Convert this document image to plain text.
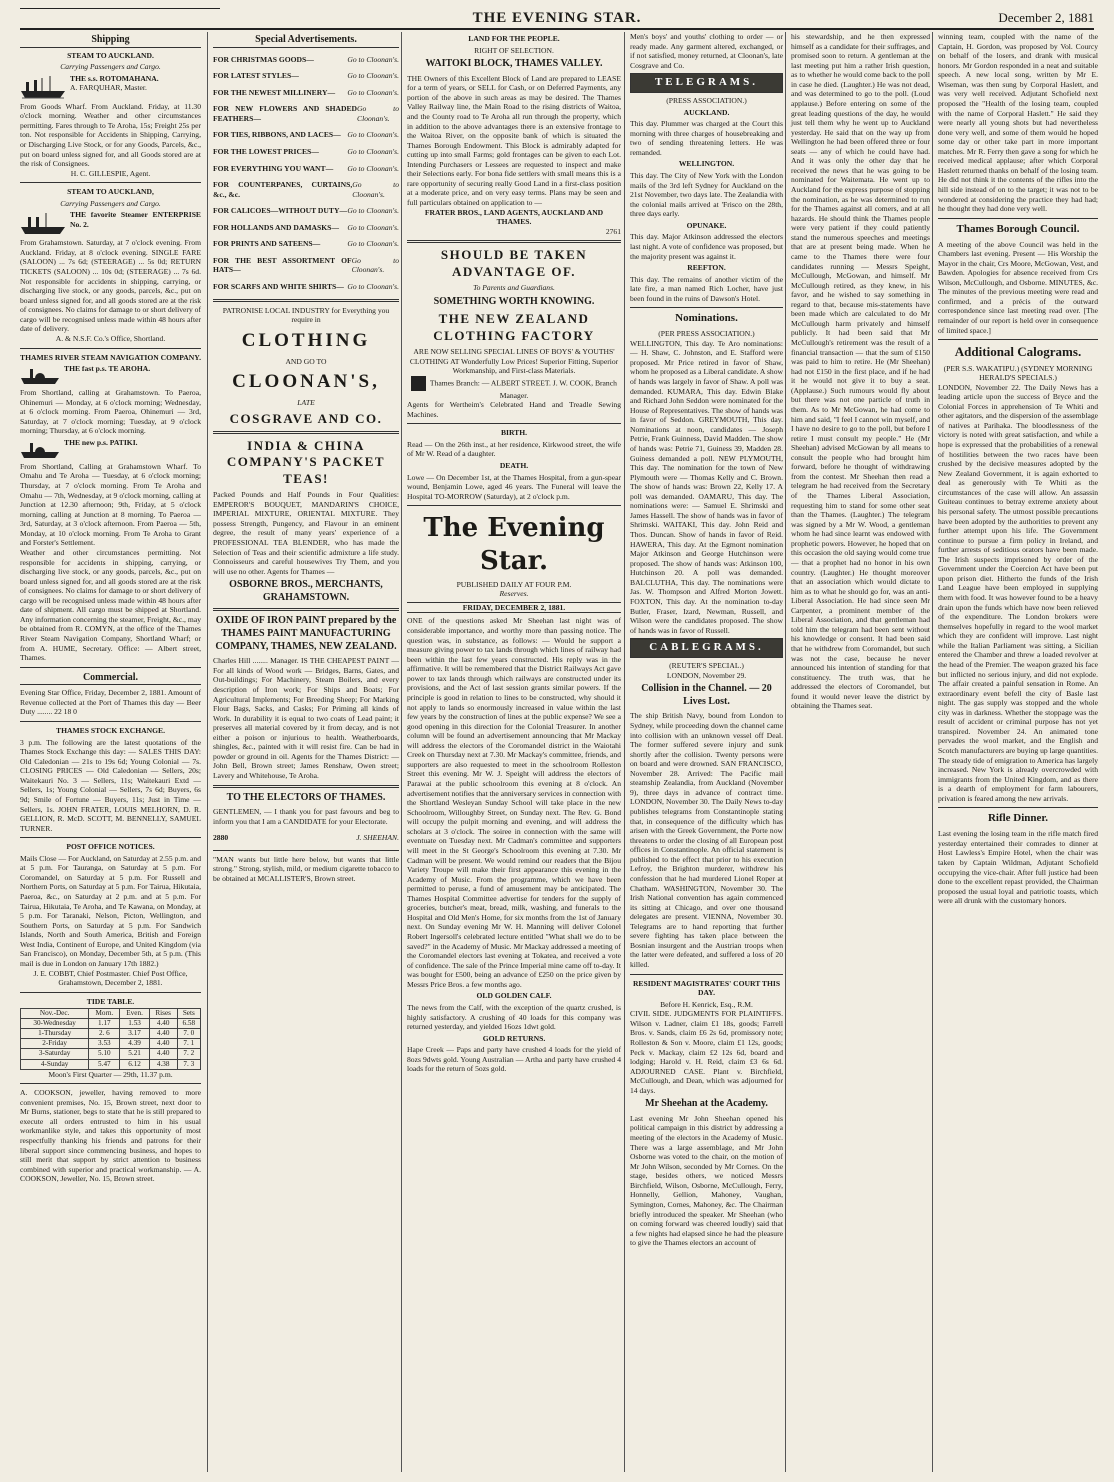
THE EVENING STAR.	December 2, 1881
Shipping
STEAM TO AUCKLAND.
Carrying Passengers and Cargo.
THE s.s. ROTOMAHANA.
A. FARQUHAR, Master.
From Goods Wharf. From Auckland. Friday, at 11.30 o'clock morning. Weather and other circumstances permitting. Fares through to Te Aroha, 15s; Freight 25s per ton. Not responsible for Accidents in Shipping, Carrying, or Discharging Live Stock, or for any Goods, Parcels, &c., put on board unless signed for, and all Goods stored are at the risk of Consignees.
H. C. GILLESPIE, Agent.
STEAM TO AUCKLAND,
Carrying Passengers and Cargo.
THE favorite Steamer ENTERPRISE No. 2.
From Grahamstown. Saturday, at 7 o'clock evening. From Auckland. Friday, at 8 o'clock evening. SINGLE FARE (SALOON) ... 7s 6d; (STEERAGE) ... 5s 0d; RETURN TICKETS (SALOON) ... 10s 0d; (STEERAGE) ... 7s 6d. Not responsible for accidents in shipping, carrying, or discharging live stock, or any goods, parcels, &c., put on board unless signed for, and all goods stored are at the risk of consignees. No claims for damage to or short delivery of cargo will be recognised unless made within 48 hours after date of delivery.
A. & N.S.F. Co.'s Office, Shortland.
THAMES RIVER STEAM NAVIGATION COMPANY.
THE fast p.s. TE AROHA.
From Shortland, calling at Grahamstown. To Paeroa, Ohinemuri — Monday, at 6 o'clock morning; Wednesday, at 6 o'clock morning. From Paeroa, Ohinemuri — 3rd, Saturday, at 7 o'clock morning; Tuesday, at 9 o'clock morning; Thursday, at 6 o'clock morning.
THE new p.s. PATIKI.
From Shortland, Calling at Grahamstown Wharf. To Omahu and Te Aroha — Tuesday, at 6 o'clock morning; Thursday, at 7 o'clock morning. From Te Aroha and Omahu — 7th, Wednesday, at 9 o'clock morning, calling at Junction at 12.30 afternoon; 9th, Friday, at 5 o'clock morning, calling at Junction at 8 morning. To Paeroa — 3rd, Saturday, at 3 o'clock afternoon. From Paeroa — 5th, Monday, at 10 o'clock morning. From Te Aroha to Grant and Forster's Settlement.
Weather and other circumstances permitting. Not responsible for accidents in shipping, carrying, or discharging live stock, or any goods, parcels, &c., put on board unless signed for, and all goods stored are at the risk of consignees. No claims for damage to or short delivery of cargo will be recognised unless made within 48 hours after date of shipment. All cargo must be shipped at Shortland. Any information concerning the steamer, Freight, &c., may be obtained from R. COMYN, at the office of the Thames River Steam Navigation Company, Shortland Wharf; or from A. HUME, Secretary. Office: — Albert street, Thames.
Commercial.
Evening Star Office, Friday, December 2, 1881. Amount of Revenue collected at the Port of Thames this day — Beer Duty ........ 22 18 0
THAMES STOCK EXCHANGE.
3 p.m. The following are the latest quotations of the Thames Stock Exchange this day: — SALES THIS DAY: Old Caledonian — 21s to 19s 6d; Young Colonial — 7s. CLOSING PRICES — Old Caledonian — Sellers, 20s; Waitekauri No. 3 — Sellers, 11s; Waitekauri Extd — Sellers, 1s; Young Colonial — Sellers, 7s 6d; Buyers, 6s 9d; Smile of Fortune — Buyers, 11s; Just in Time — Sellers, 1s. JOHN FRATER, LOUIS MELHORN, D. R. GELLION, R. McD. SCOTT, M. BENNELLY, SAMUEL TURNER.
POST OFFICE NOTICES.
Mails Close — For Auckland, on Saturday at 2.55 p.m. and at 5 p.m. For Tauranga, on Saturday at 5 p.m. For Coromandel, on Saturday at 5 p.m. For Russell and Northern Ports, on Saturday at 5 p.m. For Tairua, Hikutaia, Paeroa, &c., on Saturday at 2 p.m. and at 5 p.m. For Tairua, Hikutaia, Te Aroha, and Te Kawana, on Monday, at 5 p.m. For Taranaki, Nelson, Picton, Wellington, and Southern Ports, on Saturday at 5 p.m. For Sandwich Islands, North and South America, British and Foreign West India, Continent of Europe, and United Kingdom (via San Francisco), on Monday, December 5th, at 5 p.m. (This mail is due in London on January 17th 1882.)
J. E. COBBT, Chief Postmaster. Chief Post Office, Grahamstown, December 2, 1881.
TIDE TABLE.
Nov.-Dec.	Morn.	Even.	Rises	Sets
30-Wednesday	1.17	1.53	4.40	6.58
1-Thursday	2. 6	3.17	4.40	7. 0
2-Friday	3.53	4.39	4.40	7. 1
3-Saturday	5.10	5.21	4.40	7. 2
4-Sunday	5.47	6.12	4.38	7. 3
Moon's First Quarter — 29th, 11.37 p.m.
A. COOKSON, jeweller, having removed to more convenient premises, No. 15, Brown street, next door to Mr Burns, stationer, begs to state that he is still prepared to execute all orders entrusted to him in his usual workmanlike style, and takes this opportunity of most respectfully thanking his friends and patrons for their liberal support since commencing business, and hopes to still merit that support by strict attention to business combined with superior and practical workmanship. — A. COOKSON, Jeweller, No. 15, Brown street.
Special Advertisements.
FOR CHRISTMAS GOODS—	Go to Cloonan's.
FOR LATEST STYLES—	Go to Cloonan's.
FOR THE NEWEST MILLINERY— Go to Cloonan's.
FOR NEW FLOWERS AND SHADED FEATHERS—
Go to Cloonan's.
FOR TIES, RIBBONS, AND LACES— Go to Cloonan's.
FOR THE LOWEST PRICES—	Go to Cloonan's.
FOR EVERYTHING YOU WANT— Go to Cloonan's.
FOR COUNTERPANES, CURTAINS, &c., &c.
Go to Cloonan's.
FOR CALICOES—WITHOUT DUTY— Go to Cloonan's.
FOR HOLLANDS AND DAMASKS— Go to Cloonan's.
FOR PRINTS AND SATEENS—	Go to Cloonan's.
FOR THE BEST ASSORTMENT OF HATS—
Go to Cloonan's.
FOR SCARFS AND WHITE SHIRTS— Go to Cloonan's.
PATRONISE LOCAL INDUSTRY for Everything you require in
CLOTHING
AND GO TO
CLOONAN'S,
LATE
COSGRAVE AND CO.
INDIA & CHINA COMPANY'S PACKET TEAS!
Packed Pounds and Half Pounds in Four Qualities: EMPEROR'S BOUQUET, MANDARIN'S CHOICE, IMPERIAL MIXTURE, ORIENTAL MIXTURE. They possess Strength, Pungency, and Flavour in an eminent degree, the result of many years' experience of a PROFESSIONAL TEA BLENDER, who has made the Selection of Teas and their scientific admixture a life study. Connoisseurs and careful housewives Try Them, and you will use no other. Agents for Thames —
OSBORNE BROS., MERCHANTS, GRAHAMSTOWN.
OXIDE OF IRON PAINT prepared by the THAMES PAINT MANUFACTURING COMPANY, THAMES, NEW ZEALAND.
Charles Hill ........ Manager. IS THE CHEAPEST PAINT — For all kinds of Wood work — Bridges, Barns, Gates, and Out-buildings; For Machinery, Steam Boilers, and every description of Iron work; For Ships and Boats; For Agricultural Implements; For Breeding Sheep; For Marking Flour Bags, Sacks, and Casks; For Priming all kinds of Work. In durability it is equal to two coats of Lead paint; it preserves all material covered by it from decay, and is not either a poison or injurious to health. Weatherboards, shingles, &c., painted with it will resist fire. Can be had in powder or ground in oil. Agents for the Thames District: — John Bell, Brown street; James Renshaw, Owen street; Lavery and Whitehouse, Te Aroha.
TO THE ELECTORS OF THAMES.
GENTLEMEN, — I thank you for past favours and beg to inform you that I am a CANDIDATE for your Electorate.
2880	J. SHEEHAN.
"MAN wants but little here below, but wants that little strong." Strong, stylish, mild, or medium cigarette tobacco to be obtained at MCALLISTER'S, Brown street.
LAND FOR THE PEOPLE.
RIGHT OF SELECTION.
WAITOKI BLOCK, THAMES VALLEY.
THE Owners of this Excellent Block of Land are prepared to LEASE for a term of years, or SELL for Cash, or on Deferred Payments, any portion of the above in such areas as may be desired. The Thames Valley Railway line, the Main Road to the rising districts of Waitoa, and the County road to Te Aroha all run through the property, which in addition to the above advantages there is an extensive frontage to the Waitoa River, on the opposite bank of which is situated the Thames Borough Endowment. This Block is admirably adapted for cutting up into small Farms; gold frontages can be given to each Lot. Intending Purchasers or Lessees are requested to inspect and make their Selections early. For bona fide settlers with small means this is a rare opportunity of securing really Good Land in a first-class position at a moderate price, and on very easy terms. Plans may be seen and full particulars obtained on application to —
FRATER BROS., LAND AGENTS, AUCKLAND AND THAMES.
2761
SHOULD BE TAKEN ADVANTAGE OF.
To Parents and Guardians.
SOMETHING WORTH KNOWING.
THE NEW ZEALAND CLOTHING FACTORY
ARE NOW SELLING SPECIAL LINES OF BOYS' & YOUTHS' CLOTHING AT Wonderfully Low Prices! Superior Fitting, Superior Workmanship, and First-class Materials.
Thames Branch: — ALBERT STREET. J. W. COOK, Branch Manager.
Agents for Wertheim's Celebrated Hand and Treadle Sewing Machines.
BIRTH.
Read — On the 26th inst., at her residence, Kirkwood street, the wife of Mr W. Read of a daughter.
DEATH.
Lowe — On December 1st, at the Thames Hospital, from a gun-spear wound, Benjamin Lowe, aged 46 years. The Funeral will leave the Hospital TO-MORROW (Saturday), at 2 o'clock p.m.
The Evening Star.
PUBLISHED DAILY AT FOUR P.M.
Reserves.
FRIDAY, DECEMBER 2, 1881.
ONE of the questions asked Mr Sheehan last night was of considerable importance, and worthy more than passing notice. The question was, in substance, as follows: — Would he support a measure giving power to tax lands through which lines of railway had been within the last few years constructed. His reply was in the affirmative. It will be remembered that the District Railways Act gave power to tax lands through which railways are constructed under its provisions, and the Act of last session grants similar powers. If the principle is good in relation to lines to be constructed, why should it not apply to lands so enormously increased in value within the last few years by the construction of lines at the public expense? We see a good opening in this direction for the Colonial Treasurer. In another column will be found an advertisement announcing that Mr Mackay will address the electors of the Coromandel district in the Waiotahi Creek on Thursday next at 7.30. Mr Mackay's committee, friends, and supporters are also requested to meet in the schoolroom Rolleston Street this evening. Mr W. J. Speight will address the electors of Parawai at the public schoolroom this evening at 8 o'clock. An advertisement notifies that the anniversary services in connection with the Shortland Wesleyan Sunday School will take place in the new Schoolroom, Willoughby Street, on Sunday next. The Rev. G. Bond will occupy the pulpit morning and evening, and will address the scholars at 3 o'clock. The soiree in connection with the same will eventuate on Tuesday next. Mr Cadman's committee and supporters will meet in the St George's Schoolroom this evening at 7.30. Mr Cadman will be present. We would remind our readers that the Bijou Variety Troupe will make their first appearance this evening in the Academy of Music. From the programme, which we have been permitted to peruse, a fund of amusement may be anticipated. The Thames Hospital Committee advertise for tenders for the supply of groceries, butcher's meat, bread, milk, washing, and funerals to the Hospital and Old Men's Home, for six months from the 1st of January next. On Sunday evening Mr W. H. Manning will deliver Colonel Robert Ingersoll's celebrated lecture entitled "What shall we do to be saved?" in the Academy of Music. Mr Mackay addressed a meeting of the Coromandel electors last evening at Tokatea, and received a vote of confidence. The sale of the Prince Imperial mine came off to-day. It was bought for £500, being an advance of £250 on the price given by Messrs Price Bros. a few months ago.
OLD GOLDEN CALF.
The news from the Calf, with the exception of the quartz crushed, is highly satisfactory. A crushing of 40 loads for this company was returned yesterday, and yielded 16ozs 1dwt gold.
GOLD RETURNS.
Hape Creek — Paps and party have crushed 4 loads for the yield of 8ozs 9dwts gold. Young Australian — Artha and party have crushed 4 loads for the return of 5ozs gold.
Men's boys' and youths' clothing to order — or ready made. Any garment altered, exchanged, or if not satisfied, money returned, at Cloonan's, late Cosgrave and Co.
TELEGRAMS.
(PRESS ASSOCIATION.)
AUCKLAND.
This day. Plummer was charged at the Court this morning with three charges of housebreaking and two of sending threatening letters. He was remanded.
WELLINGTON.
This day. The City of New York with the London mails of the 3rd left Sydney for Auckland on the 21st November, two days late. The Zealandia with the colonial mails arrived at 'Frisco on the 28th, three days early.
OPUNAKE.
This day. Major Atkinson addressed the electors last night. A vote of confidence was proposed, but the majority present was against it.
REEFTON.
This day. The remains of another victim of the late fire, a man named Rich Locher, have just been found in the ruins of Dawson's Hotel.
Nominations.
(PER PRESS ASSOCIATION.)
WELLINGTON, This day. Te Aro nominations: — H. Shaw, C. Johnston, and E. Stafford were proposed. Mr Price retired in favor of Shaw, whom he proposed as a Liberal candidate. A show of hands was largely in favor of Shaw. A poll was demanded. KUMARA, This day. Edwin Blake and Richard John Seddon were nominated for the House of Representatives. The show of hands was in favor of Seddon. GREYMOUTH, This day. Nominations at noon, candidates — Joseph Petrie, Frank Guinness, David Madden. The show of hands was: Petrie 71, Guiness 39, Madden 28. Guiness demanded a poll. NEW PLYMOUTH, This day. The nomination for the town of New Plymouth were — Thomas Kelly and C. Brown. The show of hands was: Brown 22, Kelly 17. A poll was demanded. OAMARU, This day. The nominations were: — Samuel E. Shrimski and James Hassell. The show of hands was in favor of Shrimski. WAITAKI, This day. John Reid and Thos. Duncan. Show of hands in favor of Reid. HAWERA, This day. At the Egmont nomination Major Atkinson and George Hutchinson were proposed. The show of hands was: Atkinson 100, Hutchinson 20. A poll was demanded. BALCLUTHA, This day. The nominations were Jas. W. Thompson and Alfred Morton Jowett. FOXTON, This day. At the nomination to-day Butler, Fraser, Izard, Newman, Russell, and Wilson were the candidates proposed. The show of hands was in favor of Russell.
CABLEGRAMS.
(REUTER'S SPECIAL.)
LONDON, November 29.
Collision in the Channel. — 20 Lives Lost.
The ship British Navy, bound from London to Sydney, while proceeding down the channel came into collision with an unknown vessel off Deal. The former suffered severe injury and sunk shortly after the collision. Twenty persons were on board and were drowned. SAN FRANCISCO, November 28. Arrived: The Pacific mail steamship Zealandia, from Auckland (November 9), three days in advance of contract time. LONDON, November 30. The Daily News to-day publishes telegrams from Constantinople stating that, in consequence of the difficulty which has arisen with the Greek Government, the Porte now threatens to order the closing of all European post offices in Constantinople. An official statement is published to the effect that prior to his execution Lefroy, the Brighton murderer, withdrew his confession that he had murdered Lionel Roper at Chatham. WASHINGTON, November 30. The Irish National convention has again commenced its sitting at Chicago, and over one thousand delegates are present. VIENNA, November 30. Telegrams are to hand reporting that further severe fighting has taken place between the Bosnian insurgent and the Austrian troops when the latter were defeated, and suffered a loss of 20 killed.
RESIDENT MAGISTRATES' COURT THIS DAY.
Before H. Kenrick, Esq., R.M.
CIVIL SIDE. JUDGMENTS FOR PLAINTIFFS. Wilson v. Ladner, claim £1 18s, goods; Farrell Bros. v. Sands, claim £6 2s 6d, promissory note; Rolleston & Son v. Moore, claim £1 12s, goods; Peck v. Mackay, claim £2 12s 6d, board and lodging; Harold v. H. Reid, claim £3 6s 6d. ADJOURNED CASE. Plant v. Birchfield, McCullough, and Dean, which was adjourned for 14 days.
Mr Sheehan at the Academy.
Last evening Mr John Sheehan opened his political campaign in this district by addressing a meeting of the electors in the Academy of Music. There was a large assemblage, and Mr John Osborne was voted to the chair, on the motion of Mr John Wilson, seconded by Mr Cornes. On the stage, besides others, we noticed Messrs Birchfield, Wilson, Osborne, McCullough, Ferry, Honnelly, Gellion, Mahoney, Vaughan, Symington, Cornes, Mahoney, &c. The Chairman briefly introduced the speaker. Mr Sheehan (who on coming forward was cheered loudly) said that a few nights had elapsed since he had the pleasure to give the Thames electors an account of
his stewardship, and he then expressed himself as a candidate for their suffrages, and promised soon to return. A gentleman at the last meeting put him a rather Irish question, as to whether he would come back to the poll in case he died. (Laughter.) He was not dead, and was determined to go to the poll. (Loud applause.) Before entering on some of the great leading questions of the day, he would just tell them why he went up to Auckland yesterday. He said that on the way up from Wellington he had been offered three or four seats — any of which he could have had. And it was only the other day that he received the news that he was going to be nominated for Waitemata. He went up to Auckland for the express purpose of stopping the nomination, as he was determined to run for the Thames against all comers, and at all hazards. He should think the Thames people were very patient if they could patiently stand the numerous speeches and meetings that are at present being made. When he came to the Thames there were four candidates running — Messrs Speight, McCullough, McGowan, and himself. Mr McCullough retired, as they knew, in his favor, and he wished to say something in regard to that, because mis-statements have been made which are calculated to do Mr McCullough harm privately and himself publicly. It had been said that Mr McCullough's retirement was the result of a financial transaction — that the sum of £150 was paid to him to retire. He (Mr Sheehan) had not £150 in the first place, and if he had it he would not give it to buy a seat. (Applause.) Such rumours would fly about but there was not one particle of truth in them. As to Mr McGowan, he had come to him and said, "I feel I cannot win myself, and I have no desire to go to the poll, but before I retire I must consult my people." He (Mr Sheehan) advised McGowan by all means to consult the people who had brought him forward, before he thought of withdrawing from the contest. Mr Sheehan then read a telegram he had received from the Secretary of the Thames Liberal Association, requesting him to stand for some other seat than the Thames. (Laughter.) The telegram was signed by a Mr W. Wood, a gentleman whom he had since learnt was endowed with prophetic powers. However, he hoped that on this occasion the old saying would come true — that a prophet had no honor in his own country. (Laughter.) He thought moreover that an association which would dictate to him as to what he should go for, was an anti-Liberal Association. He had since seen Mr Carpenter, a prominent member of the Liberal Association, and that gentleman had told him the telegram had been sent without his knowledge or consent. It had been said that he withdrew from Coromandel, but such was not the case, because he never announced his intention of standing for that constituency. The truth was, that he addressed the electors of Coromandel, but found it would never leave the district by obtaining the Thames seat.
winning team, coupled with the name of the Captain, H. Gordon, was proposed by Vol. Courcy on behalf of the losers, and drank with musical honors. Mr Gordon responded in a neat and suitable speech. A new local song, written by Mr E. Wiseman, was then sung by Corporal Haslett, and was very well received. Adjutant Schofield next proposed the "Health of the losing team, coupled with the name of Corporal Haslett." He said they were nearly all young shots but had nevertheless done very well, and some of them would he hoped some day or other take part in more important matches. Mr R. Ferry then gave a song for which he received medical applause; after which Corporal Haslett returned thanks on behalf of the losing team. He did not think it the contents of the rifles into the hill side instead of on to the target; it was not to be wondered at considering the practice they had had; he thought they had done very well.
Thames Borough Council.
A meeting of the above Council was held in the Chambers last evening. Present — His Worship the Mayor in the chair, Crs Moore, McGowan, Vest, and Bawden. Apologies for absence received from Crs Wilson, McCullough, and Osborne. MINUTES, &c. The minutes of the previous meeting were read and confirmed, and a précis of the outward correspondence since last meeting read over. [The remainder of our report is held over in consequence of limited space.]
Additional Calograms.
(PER S.S. WAKATIPU.) (SYDNEY MORNING HERALD'S SPECIALS.)
LONDON, November 22. The Daily News has a leading article upon the success of Bryce and the Colonial Forces in apprehension of Te Whiti and other agitators, and the dispersion of the assemblage of natives at Parihaka. The bloodlessness of the victory is noted with great satisfaction, and while a hope is expressed that the probabilities of a renewal of hostilities between the two races have been crushed by the decisive measures adopted by the New Zealand Government, it is again exhorted to deal as generously with Te Whiti as the circumstances of the case will allow. An assassin Guiteau continues to betray extreme anxiety about his personal safety. The utmost possible precautions have been adopted by the authorities to prevent any further attempt upon his life. The Government continue to pursue a firm policy in Ireland, and further arrests of seditious orators have been made. The Irish suspects imprisoned by order of the Government under the Coercion Act have been put upon prison diet. Hitherto the funds of the Irish Land League have been employed in supplying them with food. It was however found to be a heavy drain upon the funds which have now been relieved of the expenditure. The London brokers were themselves hopefully in regard to the wool market which they are confident will improve. Last night while the Italian Parliament was sitting, a Sicilian entered the Chamber and threw a loaded revolver at the head of the Premier. The weapon grazed his face but inflicted no serious injury, and did not explode. The affair created a painful sensation in Rome. An extraordinary event befell the city of Basle last night. The gas supply was stopped and the whole city was in darkness. Whether the stoppage was the result of accident or criminal purpose has not yet transpired. November 24. An animated tone pervades the wool market, and the English and Scotch manufacturers are buying up large quantities. The steady tide of emigration to America has largely increased. New York is already overcrowded with immigrants from the United Kingdom, and as there is a dearth of employment for farm labourers, privation is feared among the new arrivals.
Rifle Dinner.
Last evening the losing team in the rifle match fired yesterday entertained their comrades to dinner at Host Lawless's Empire Hotel, when the chair was taken by Captain Wildman, Adjutant Schofield occupying the vice-chair. After full justice had been done to the excellent repast provided, the Chairman proposed the usual loyal and patriotic toasts, which were all drunk with the customary honors.
